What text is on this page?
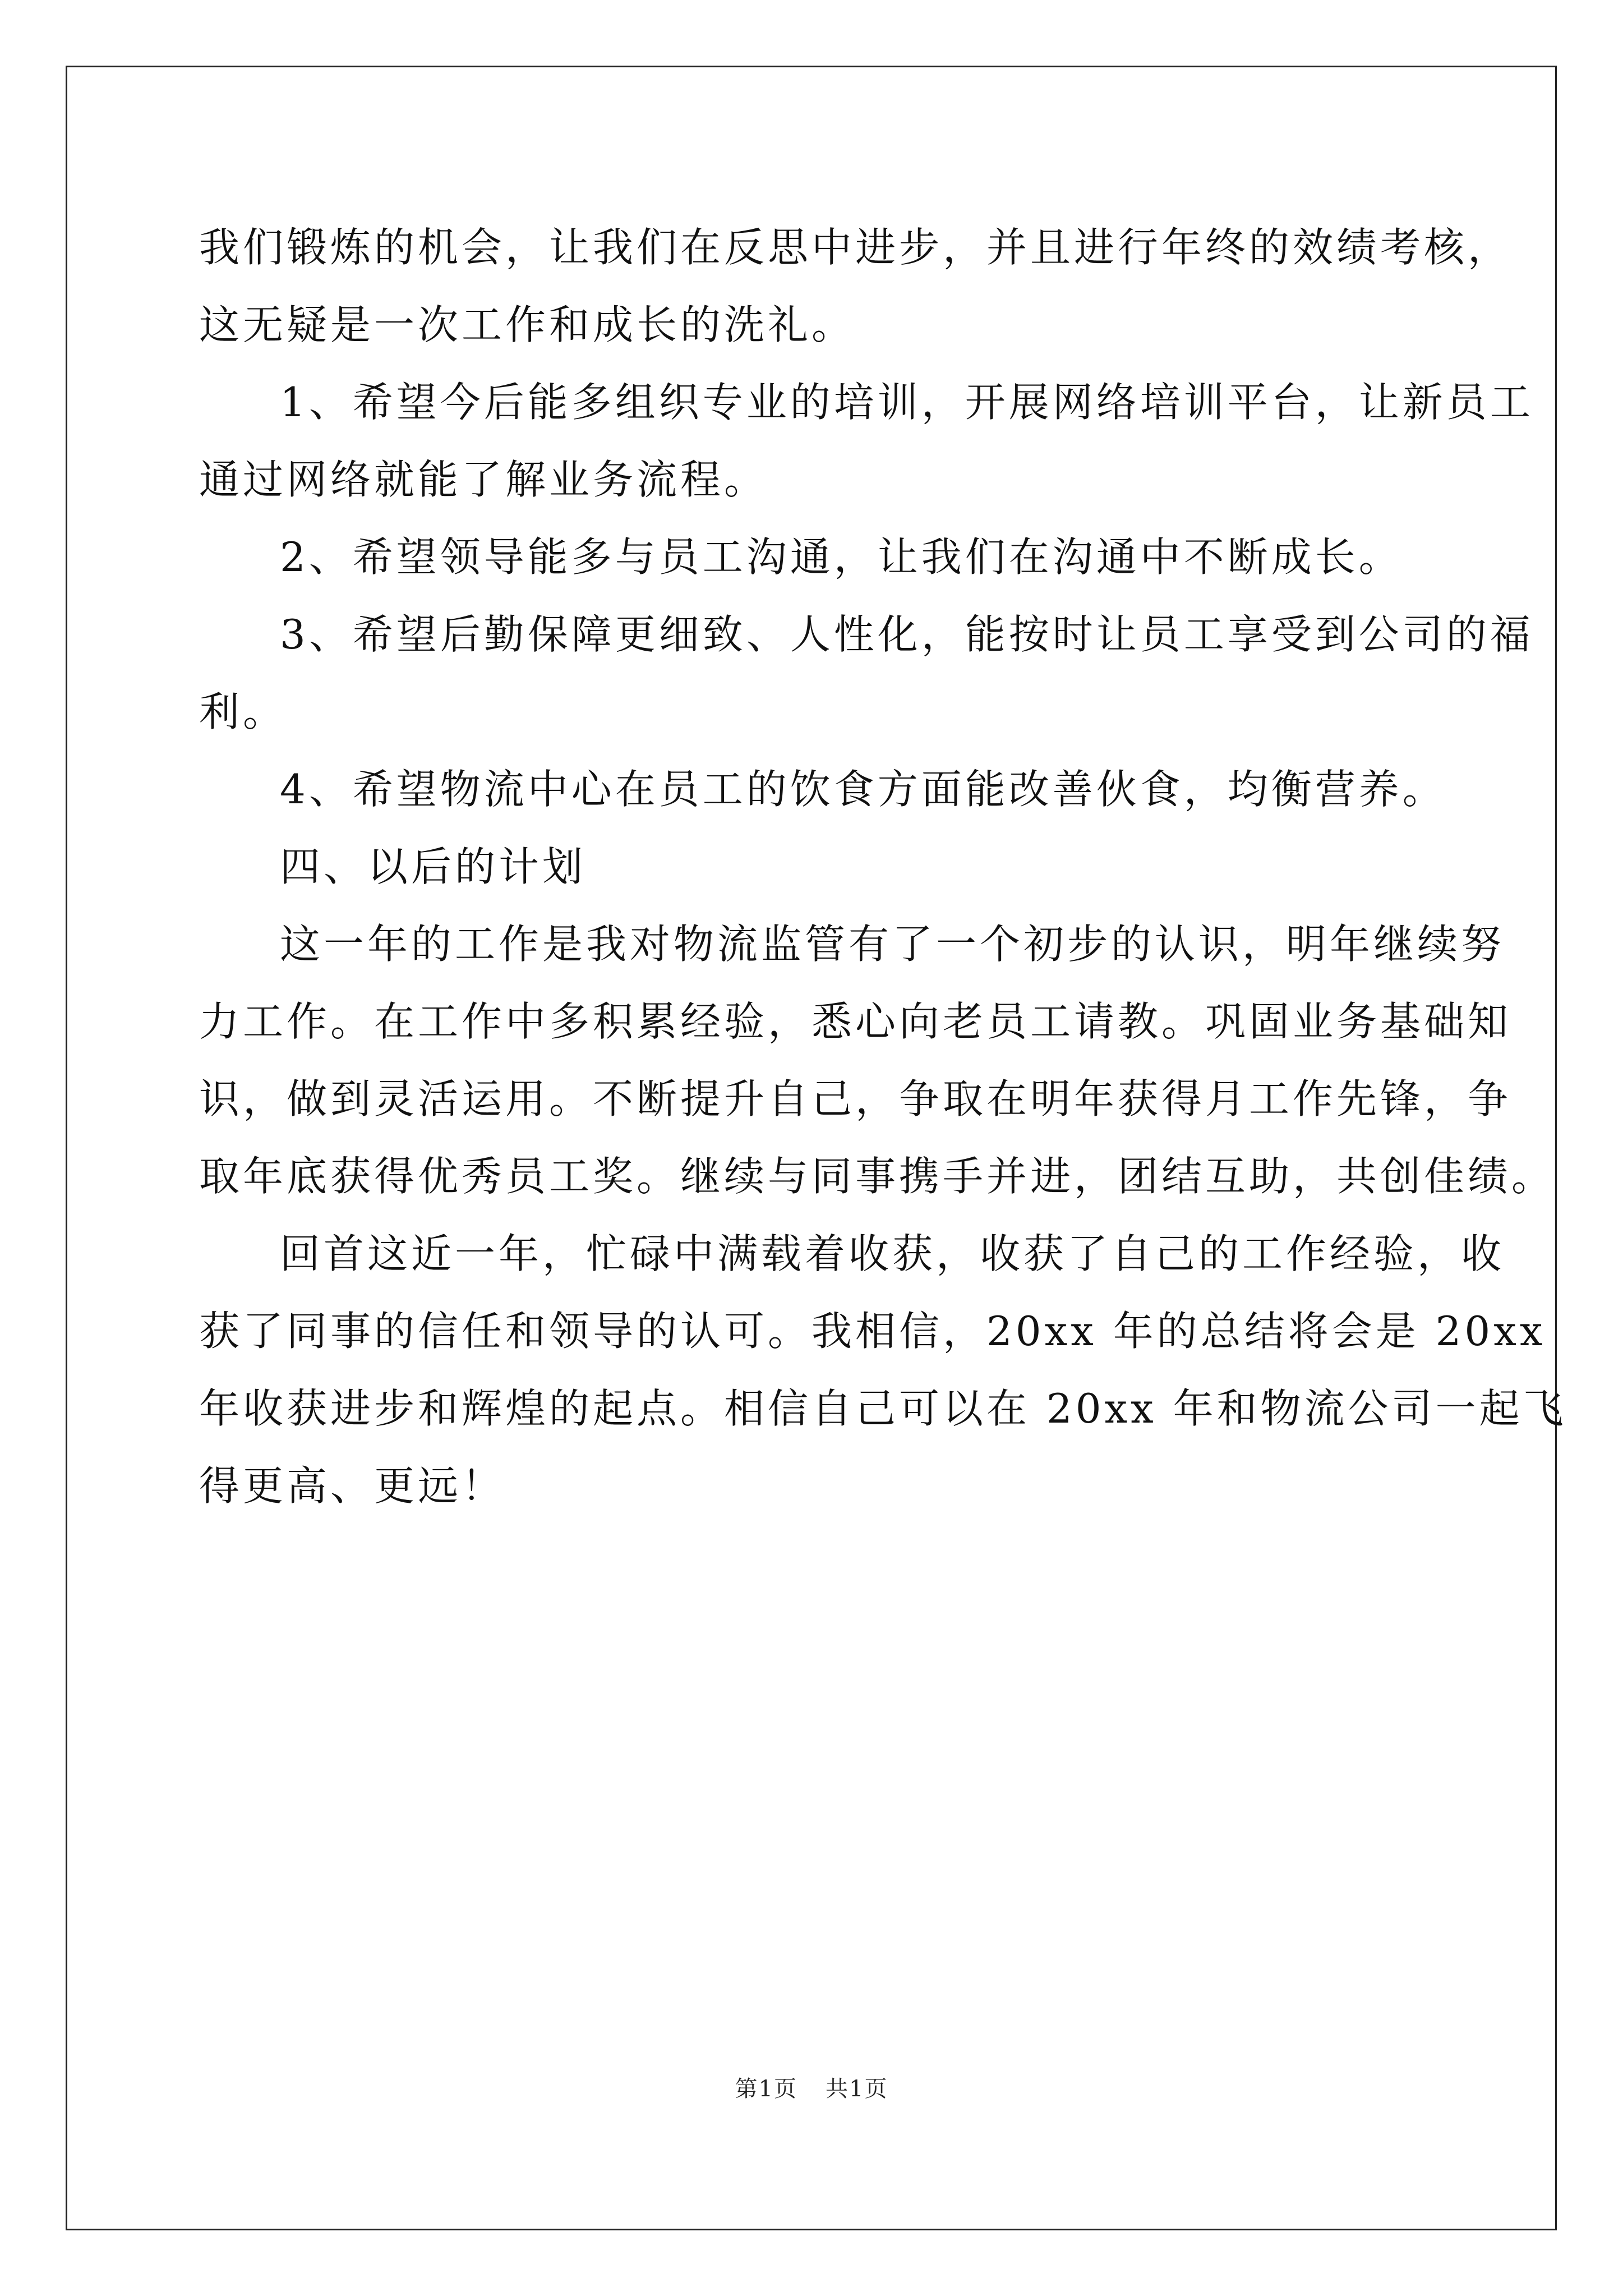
我们锻炼的机会，让我们在反思中进步，并且进行年终的效绩考核，
这无疑是一次工作和成长的洗礼。
1、希望今后能多组织专业的培训，开展网络培训平台，让新员工
通过网络就能了解业务流程。
2、希望领导能多与员工沟通，让我们在沟通中不断成长。
3、希望后勤保障更细致、人性化，能按时让员工享受到公司的福
利。
4、希望物流中心在员工的饮食方面能改善伙食，均衡营养。
四、以后的计划
这一年的工作是我对物流监管有了一个初步的认识，明年继续努
力工作。在工作中多积累经验，悉心向老员工请教。巩固业务基础知
识，做到灵活运用。不断提升自己，争取在明年获得月工作先锋，争
取年底获得优秀员工奖。继续与同事携手并进，团结互助，共创佳绩。
回首这近一年，忙碌中满载着收获，收获了自己的工作经验，收
获了同事的信任和领导的认可。我相信，20xx 年的总结将会是 20xx
年收获进步和辉煌的起点。相信自己可以在 20xx 年和物流公司一起飞
得更高、更远！
第1页 共1页
